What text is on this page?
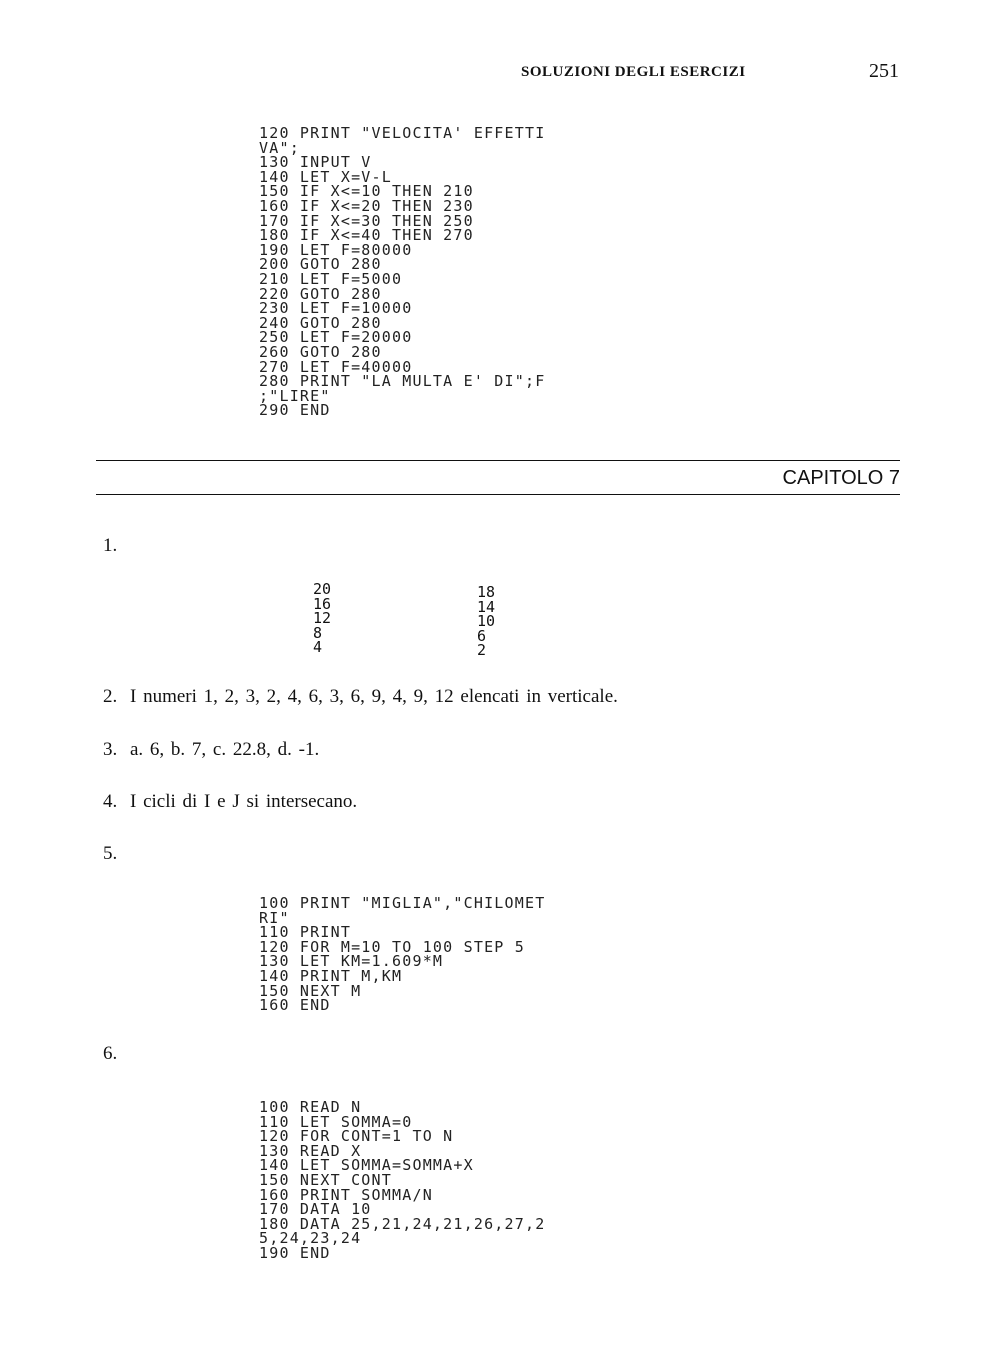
SOLUZIONI DEGLI ESERCIZI	251
120 PRINT "VELOCITA' EFFETTI
VA";
130 INPUT V
140 LET X=V-L
150 IF X<=10 THEN 210
160 IF X<=20 THEN 230
170 IF X<=30 THEN 250
180 IF X<=40 THEN 270
190 LET F=80000
200 GOTO 280
210 LET F=5000
220 GOTO 280
230 LET F=10000
240 GOTO 280
250 LET F=20000
260 GOTO 280
270 LET F=40000
280 PRINT "LA MULTA E' DI";F
;"LIRE"
290 END
CAPITOLO 7
1.
20
16
12
8
4
18
14
10
6
2
2. I numeri 1, 2, 3, 2, 4, 6, 3, 6, 9, 4, 9, 12 elencati in verticale.
3. a. 6, b. 7, c. 22.8, d. -1.
4. I cicli di I e J si intersecano.
5.
100 PRINT "MIGLIA","CHILOMET
RI"
110 PRINT
120 FOR M=10 TO 100 STEP 5
130 LET KM=1.609*M
140 PRINT M,KM
150 NEXT M
160 END
6.
100 READ N
110 LET SOMMA=0
120 FOR CONT=1 TO N
130 READ X
140 LET SOMMA=SOMMA+X
150 NEXT CONT
160 PRINT SOMMA/N
170 DATA 10
180 DATA 25,21,24,21,26,27,2
5,24,23,24
190 END
